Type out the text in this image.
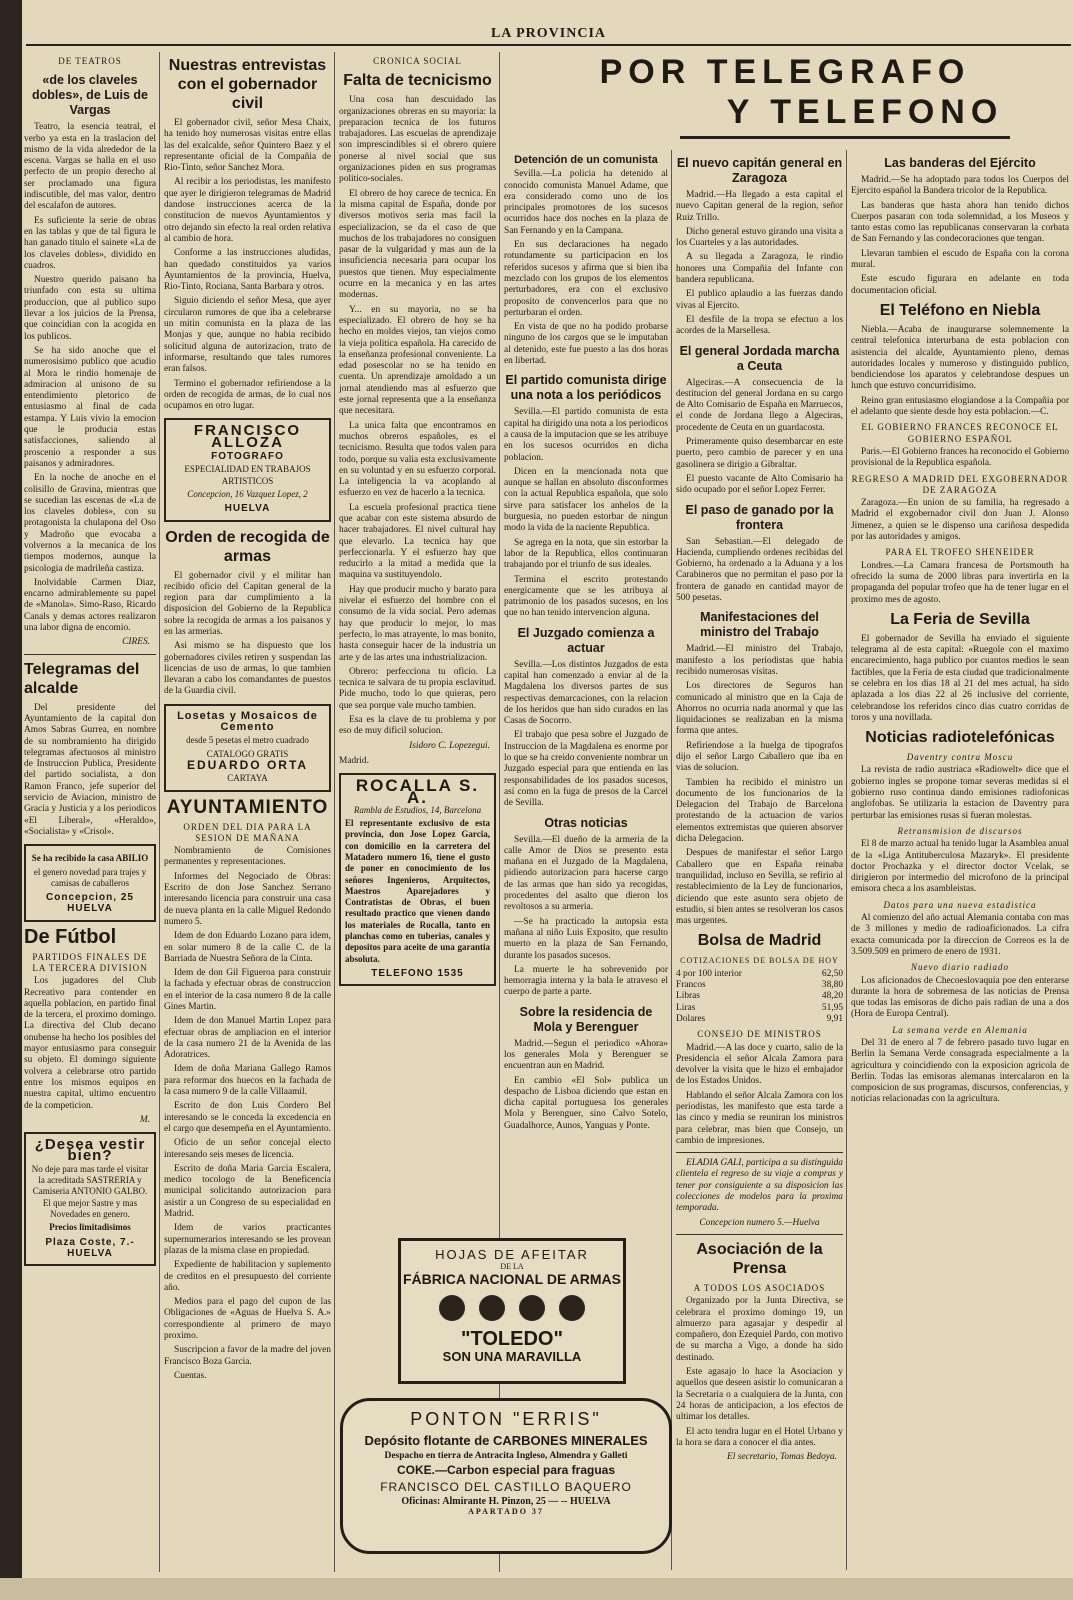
LA PROVINCIA
DE TEATROS
«de los claveles dobles», de Luis de Vargas

Teatro, la esencia teatral, el verbo ya esta en la traslacion del mismo de la vida alrededor de la escena. Vargas se halla en el uso perfecto de un propio derecho al ser proclamado una figura indiscutible, del mas valor, dentro del escalafon de autores.

Es suficiente la serie de obras en las tablas y que de tal figura le han ganado titulo el sainete «La de los claveles dobles», dividido en cuadros.

Nuestro querido paisano ha triunfado con esta su ultima produccion, que al publico supo llevar a los juicios de la Prensa, que coincidian con la acogida en los publicos.

Se ha sido anoche que el numerosisimo publico que acudio al Mora le rindio homenaje de admiracion al unisono de su entendimiento pletorico de entusiasmo al final de cada estampa. Y Luis vivio la emocion que le producia estas satisfacciones, saliendo al proscenio a responder a sus paisanos y admiradores.

En la noche de anoche en el colisillo de Gravina, mientras que se sucedian las escenas de «La de los claveles dobles», con su protagonista la chulapona del Oso y Madroño que evocaba a volvernos a la mecanica de los tiempos modernos, aunque la psicologia de madrileña castiza.

Inolvidable Carmen Diaz, encarno admirablemente su papel de «Manola». Simo-Raso, Ricardo Canals y demas actores realizaron una labor digna de encomio.

CIRES.
Telegramas del alcalde

Del presidente del Ayuntamiento de la capital don Amos Sabras Gurrea, en nombre de su nombramiento ha dirigido telegramas afectuosos al ministro de Instruccion Publica, Presidente del partido socialista, a don Ramon Franco, jefe superior del servicio de Aviacion, ministro de Gracia y Justicia y a los periodicos «El Liberal», «Heraldo», «Socialista» y «Crisol».

Se ha recibido la casa ABILIO
el genero novedad para trajes y camisas de caballeros
Concepcion, 25 HUELVA
De Fútbol
PARTIDOS FINALES DE LA TERCERA DIVISION

Los jugadores del Club Recreativo para contender en aquella poblacion, en partido final de la tercera, el proximo domingo. La directiva del Club decano onubense ha hecho los posibles del mayor entusiasmo para conseguir su objeto. El domingo siguiente volvera a celebrarse otro partido entre los mismos equipos en nuestra capital, ultimo encuentro de la competicion.

M.
¿Desea vestir bien?
No deje para mas tarde el visitar la acreditada SASTRERIA y Camiseria ANTONIO GALBO. El que mejor Sastre y mas Novedades en genero.
Precios limitadisimos
Plaza Coste, 7.-HUELVA
Nuestras entrevistas con el gobernador civil

El gobernador civil, señor Mesa Chaix, ha tenido hoy numerosas visitas entre ellas las del exalcalde, señor Quintero Baez y el representante oficial de la Compañia de Rio-Tinto, señor Sanchez Mora.

Al recibir a los periodistas, les manifesto que ayer le dirigieron telegramas de Madrid dandose instrucciones acerca de la constitucion de nuevos Ayuntamientos y otro dejando sin efecto la real orden relativa al cambio de hora.

Conforme a las instrucciones aludidas, han quedado constituidos ya varios Ayuntamientos de la provincia, Huelva, Rio-Tinto, Rociana, Santa Barbara y otros.

Siguio diciendo el señor Mesa, que ayer circularon rumores de que iba a celebrarse un mitin comunista en la plaza de las Monjas y que, aunque no habia recibido solicitud alguna de autorizacion, trato de informarse, resultando que tales rumores eran falsos.

Termino el gobernador refiriendose a la orden de recogida de armas, de lo cual nos ocupamos en otro lugar.

FRANCISCO ALLOZA
FOTOGRAFO
ESPECIALIDAD EN TRABAJOS ARTISTICOS
Concepcion, 16 Vazquez Lopez, 2
HUELVA
Orden de recogida de armas

El gobernador civil y el militar han recibido oficio del Capitan general de la region para dar cumplimiento a la disposicion del Gobierno de la Republica sobre la recogida de armas a los paisanos y en las armerias.

Asi mismo se ha dispuesto que los gobernadores civiles retiren y suspendan las licencias de uso de armas, lo que tambien llevaran a cabo los comandantes de puestos de la Guardia civil.

Losetas y Mosaicos de Cemento
desde 5 pesetas el metro cuadrado
CATALOGO GRATIS
EDUARDO ORTA
CARTAYA
AYUNTAMIENTO
ORDEN DEL DIA PARA LA SESION DE MAÑANA

Nombramiento de Comisiones permanentes y representaciones.

Informes del Negociado de Obras: Escrito de don Jose Sanchez Serrano interesando licencia para construir una casa de nueva planta en la calle Miguel Redondo numero 5.

Idem de don Eduardo Lozano para idem, en solar numero 8 de la calle C. de la Barriada de Nuestra Señora de la Cinta.

Idem de don Gil Figueroa para construir la fachada y efectuar obras de construccion en el interior de la casa numero 8 de la calle Gines Martin.

Idem de don Manuel Martin Lopez para efectuar obras de ampliacion en el interior de la casa numero 21 de la Avenida de las Adoratrices.

Idem de doña Mariana Gallego Ramos para reformar dos huecos en la fachada de la casa numero 9 de la calle Villaamil.

Escrito de don Luis Cordero Bel interesando se le conceda la excedencia en el cargo que desempeña en el Ayuntamiento.

Oficio de un señor concejal electo interesando seis meses de licencia.

Escrito de doña Maria Garcia Escalera, medico tocologo de la Beneficencia municipal solicitando autorizacion para asistir a un Congreso de su especialidad en Madrid.

Idem de varios practicantes supernumerarios interesando se les provean plazas de la misma clase en propiedad.

Expediente de habilitacion y suplemento de creditos en el presupuesto del corriente año.

Medios para el pago del cupon de las Obligaciones de «Aguas de Huelva S. A.» correspondiente al primero de mayo proximo.

Suscripcion a favor de la madre del joven Francisco Boza Garcia.

Cuentas.

CRONICA SOCIAL
Falta de tecnicismo

Una cosa han descuidado las organizaciones obreras en su mayoria: la preparacion tecnica de los futuros trabajadores. Las escuelas de aprendizaje son imprescindibles si el obrero quiere ponerse al nivel social que sus organizaciones piden en sus programas politico-sociales.

El obrero de hoy carece de tecnica. En la misma capital de España, donde por diversos motivos seria mas facil la especializacion, se da el caso de que muchos de los trabajadores no consiguen pasar de la vulgaridad y mas aun de la insuficiencia necesaria para ocupar los puestos que tienen. Muy especialmente ocurre en la mecanica y en las artes modernas.

Y... en su mayoria, no se ha especializado. El obrero de hoy se ha hecho en moldes viejos, tan viejos como la vieja politica española. Ha carecido de la enseñanza profesional conveniente. La edad posescolar no se ha tenido en cuenta. Un aprendizaje amoldado a un jornal atendiendo mas al esfuerzo que este jornal representa que a la enseñanza que necesitara.

La unica falta que encontramos en muchos obreros españoles, es el tecnicismo. Resulta que todos valen para todo, porque su valia esta exclusivamente en su voluntad y en su esfuerzo corporal. La inteligencia la va acoplando al esfuerzo en vez de hacerlo a la tecnica.

La escuela profesional practica tiene que acabar con este sistema absurdo de hacer trabajadores. El nivel cultural hay que elevarlo. La tecnica hay que perfeccionarla. Y el esfuerzo hay que reducirlo a la mitad a medida que la maquina va sustituyendolo.

Hay que producir mucho y barato para nivelar el esfuerzo del hombre con el consumo de la vida social. Pero ademas hay que producir lo mejor, lo mas perfecto, lo mas atrayente, lo mas bonito, hasta conseguir hacer de la industria un arte y de las artes una industrializacion.

Obrero: perfecciona tu oficio. La tecnica te salvara de tu propia esclavitud. Pide mucho, todo lo que quieras, pero que sea porque vale mucho tambien.

Esa es la clave de tu problema y por eso de muy dificil solucion.

Isidoro C. Lopezegui.
Madrid.
ROCALLA S. A.
Rambla de Estudios, 14, Barcelona
El representante exclusivo de esta provincia, don Jose Lopez Garcia, con domicilio en la carretera del Matadero numero 16, tiene el gusto de poner en conocimiento de los señores Ingenieros, Arquitectos, Maestros Aparejadores y Contratistas de Obras, el buen resultado practico que vienen dando los materiales de Rocalla, tanto en planchas como en tuberias, canales y depositos para aceite de una garantia absoluta.
TELEFONO 1535
POR TELEGRAFO
Y TELEFONO
Detención de un comunista

Sevilla.—La policia ha detenido al conocido comunista Manuel Adame, que era considerado como uno de los principales promotores de los sucesos ocurridos hace dos noches en la plaza de San Fernando y en la Campana.

En sus declaraciones ha negado rotundamente su participacion en los referidos sucesos y afirma que si bien iba mezclado con los grupos de los elementos perturbadores, era con el exclusivo proposito de convencerlos para que no perturbaran el orden.

En vista de que no ha podido probarse ninguno de los cargos que se le imputaban al detenido, este fue puesto a las dos horas en libertad.

El partido comunista dirige una nota a los periódicos

Sevilla.—El partido comunista de esta capital ha dirigido una nota a los periodicos a causa de la imputacion que se les atribuye en los sucesos ocurridos en dicha poblacion.

Dicen en la mencionada nota que aunque se hallan en absoluto disconformes con la actual Republica española, que solo sirve para satisfacer los anhelos de la burguesia, no pueden estorbar de ningun modo la vida de la naciente Republica.

Se agrega en la nota, que sin estorbar la labor de la Republica, ellos continuaran trabajando por el triunfo de sus ideales.

Termina el escrito protestando energicamente que se les atribuya al patrimonio de los pasados sucesos, en los que no han tenido intervencion alguna.

El Juzgado comienza a actuar

Sevilla.—Los distintos Juzgados de esta capital han comenzado a enviar al de la Magdalena los diversos partes de sus respectivas demarcaciones, con la relacion de los heridos que han sido curados en las Casas de Socorro.

El trabajo que pesa sobre el Juzgado de Instruccion de la Magdalena es enorme por lo que se ha creido conveniente nombrar un Juzgado especial para que entienda en las responsabilidades de los pasados sucesos, asi como en la fuga de presos de la Carcel de Sevilla.

Otras noticias

Sevilla.—El dueño de la armeria de la calle Amor de Dios se presento esta mañana en el Juzgado de la Magdalena, pidiendo autorizacion para hacerse cargo de las armas que han sido ya recogidas, procedentes del asalto que dieron los revoltosos a su armeria.

—Se ha practicado la autopsia esta mañana al niño Luis Exposito, que resulto muerto en la plaza de San Fernando, durante los pasados sucesos.

La muerte le ha sobrevenido por hemorragia interna y la bala le atraveso el cuerpo de parte a parte.

Sobre la residencia de Mola y Berenguer

Madrid.—Segun el periodico «Ahora» los generales Mola y Berenguer se encuentran aun en Madrid.

En cambio «El Sol» publica un despacho de Lisboa diciendo que estan en dicha capital portuguesa los generales Mola y Berenguer, sino Calvo Sotelo, Guadalhorce, Aunos, Yanguas y Ponte.

El nuevo capitán general en Zaragoza

Madrid.—Ha llegado a esta capital el nuevo Capitan general de la region, señor Ruiz Trillo.

Dicho general estuvo girando una visita a los Cuarteles y a las autoridades.

A su llegada a Zaragoza, le rindio honores una Compañia del Infante con bandera republicana.

El publico aplaudio a las fuerzas dando vivas al Ejercito.

El desfile de la tropa se efectuo a los acordes de la Marsellesa.

El general Jordada marcha a Ceuta

Algeciras.—A consecuencia de la destitucion del general Jordana en su cargo de Alto Comisario de España en Marruecos, el conde de Jordana llego a Algeciras, procedente de Ceuta en un guardacosta.

Primeramente quiso desembarcar en este puerto, pero cambio de parecer y en una gasolinera se dirigio a Gibraltar.

El puesto vacante de Alto Comisario ha sido ocupado por el señor Lopez Ferrer.

El paso de ganado por la frontera

San Sebastian.—El delegado de Hacienda, cumpliendo ordenes recibidas del Gobierno, ha ordenado a la Aduana y a los Carabineros que no permitan el paso por la frontera de ganado en cantidad mayor de 500 pesetas.

Manifestaciones del ministro del Trabajo

Madrid.—El ministro del Trabajo, manifesto a los periodistas que habia recibido numerosas visitas.

Los directores de Seguros han comunicado al ministro que en la Caja de Ahorros no ocurria nada anormal y que las liquidaciones se realizaban en la misma forma que antes.

Refiriendose a la huelga de tipografos dijo el señor Largo Caballero que iba en vias de solucion.

Tambien ha recibido el ministro un documento de los funcionarios de la Delegacion del Trabajo de Barcelona protestando de la actuacion de varios elementos extremistas que quieren absorver dicha Delegacion.

Despues de manifestar el señor Largo Caballero que en España reinaba tranquilidad, incluso en Sevilla, se refirio al restablecimiento de la Ley de funcionarios, diciendo que este asunto sera objeto de estudio, si bien antes se resolveran los casos mas urgentes.

Bolsa de Madrid
COTIZACIONES DE BOLSA DE HOY
4 por 100 interior	62,50
Francos	38,80
Libras	48,20
Liras	51,95
Dolares	9,91
CONSEJO DE MINISTROS

Madrid.—A las doce y cuarto, salio de la Presidencia el señor Alcala Zamora para devolver la visita que le hizo el embajador de los Estados Unidos.

Hablando el señor Alcala Zamora con los periodistas, les manifesto que esta tarde a las cinco y media se reuniran los ministros para celebrar, mas bien que Consejo, un cambio de impresiones.

ELADIA GALI, participa a su distinguida clientela el regreso de su viaje a compras y tener por consiguiente a su disposicion las colecciones de modelos para la proxima temporada.

Concepcion numero 5.—Huelva
Asociación de la Prensa
A TODOS LOS ASOCIADOS

Organizado por la Junta Directiva, se celebrara el proximo domingo 19, un almuerzo para agasajar y despedir al compañero, don Ezequiel Pardo, con motivo de su marcha a Vigo, a donde ha sido destinado.

Este agasajo lo hace la Asociacion y aquellos que deseen asistir lo comunicaran a la Secretaria o a cualquiera de la Junta, con 24 horas de anticipacion, a los efectos de ultimar los detalles.

El acto tendra lugar en el Hotel Urbano y la hora se dara a conocer el dia antes.

El secretario, Tomas Bedoya.
Las banderas del Ejército

Madrid.—Se ha adoptado para todos los Cuerpos del Ejercito español la Bandera tricolor de la Republica.

Las banderas que hasta ahora han tenido dichos Cuerpos pasaran con toda solemnidad, a los Museos y tanto estas como las republicanas conservaran la corbata de San Fernando y las condecoraciones que tengan.

Llevaran tambien el escudo de España con la corona mural.

Este escudo figurara en adelante en toda documentacion oficial.

El Teléfono en Niebla

Niebla.—Acaba de inaugurarse solemnemente la central telefonica interurbana de esta poblacion con asistencia del alcalde, Ayuntamiento pleno, demas autoridades locales y numeroso y distinguido publico, bendiciendose los aparatos y celebrandose despues un lunch que estuvo concurridisimo.

Reino gran entusiasmo elogiandose a la Compañia por el adelanto que siente desde hoy esta poblacion.—C.

EL GOBIERNO FRANCES RECONOCE EL GOBIERNO ESPAÑOL

Paris.—El Gobierno frances ha reconocido el Gobierno provisional de la Republica española.

REGRESO A MADRID DEL EXGOBERNADOR DE ZARAGOZA

Zaragoza.—En union de su familia, ha regresado a Madrid el exgobernador civil don Juan J. Alonso Jimenez, a quien se le dispenso una cariñosa despedida por las autoridades y amigos.

PARA EL TROFEO SHENEIDER

Londres.—La Camara francesa de Portsmouth ha ofrecido la suma de 2000 libras para invertirla en la propaganda del popular trofeo que ha de tener lugar en el proximo mes de agosto.

La Feria de Sevilla

El gobernador de Sevilla ha enviado el siguiente telegrama al de esta capital: «Ruegole con el maximo encarecimiento, haga publico por cuantos medios le sean factibles, que la Feria de esta ciudad que tradicionalmente se celebra en los dias 18 al 21 del mes actual, ha sido aplazada a los dias 22 al 26 inclusive del corriente, celebrandose los referidos cinco dias cuatro corridas de toros y una novillada.

Noticias radiotelefónicas
Daventry contra Moscu

La revista de radio austriaca «Radiowelt» dice que el gobierno ingles se propone tomar severas medidas si el gobierno ruso continua dando emisiones radiofonicas anglofobas. Se utilizaria la estacion de Daventry para perturbar las emisiones rusas si fueran molestas.

Retransmision de discursos

El 8 de marzo actual ha tenido lugar la Asamblea anual de la «Liga Antituberculosa Mazaryk». El presidente doctor Prochazka y el director doctor Vcelak, se dirigieron por intermedio del microfono de la principal emisora checa a los asambleistas.

Datos para una nueva estadistica

Al comienzo del año actual Alemania contaba con mas de 3 millones y medio de radioaficionados. La cifra exacta comunicada por la direccion de Correos es la de 3.509.509 en primero de enero de 1931.

Nuevo diario radiado

Los aficionados de Checoeslovaquia poe den enterarse durante la hora de sobremesa de las noticias de Prensa que todas las emisoras de dicho pais radian de una a dos (Hora de Europa Central).

La semana verde en Alemania

Del 31 de enero al 7 de febrero pasado tuvo lugar en Berlin la Semana Verde consagrada especialmente a la agricultura y coincidiendo con la exposicion agricola de Berlin. Todas las emisoras alemanas intercalaron en la composicion de sus programas, discursos, conferencias, y noticias relacionadas con la agricultura.

HOJAS DE AFEITAR
DE LA
FÁBRICA NACIONAL DE ARMAS
"TOLEDO"
SON UNA MARAVILLA
PONTON "ERRIS"
Depósito flotante de CARBONES MINERALES
Despacho en tierra de Antracita Ingleso, Almendra y Galleti
COKE.—Carbon especial para fraguas
FRANCISCO DEL CASTILLO BAQUERO
Oficinas: Almirante H. Pinzon, 25 — -- HUELVA
APARTADO 37
